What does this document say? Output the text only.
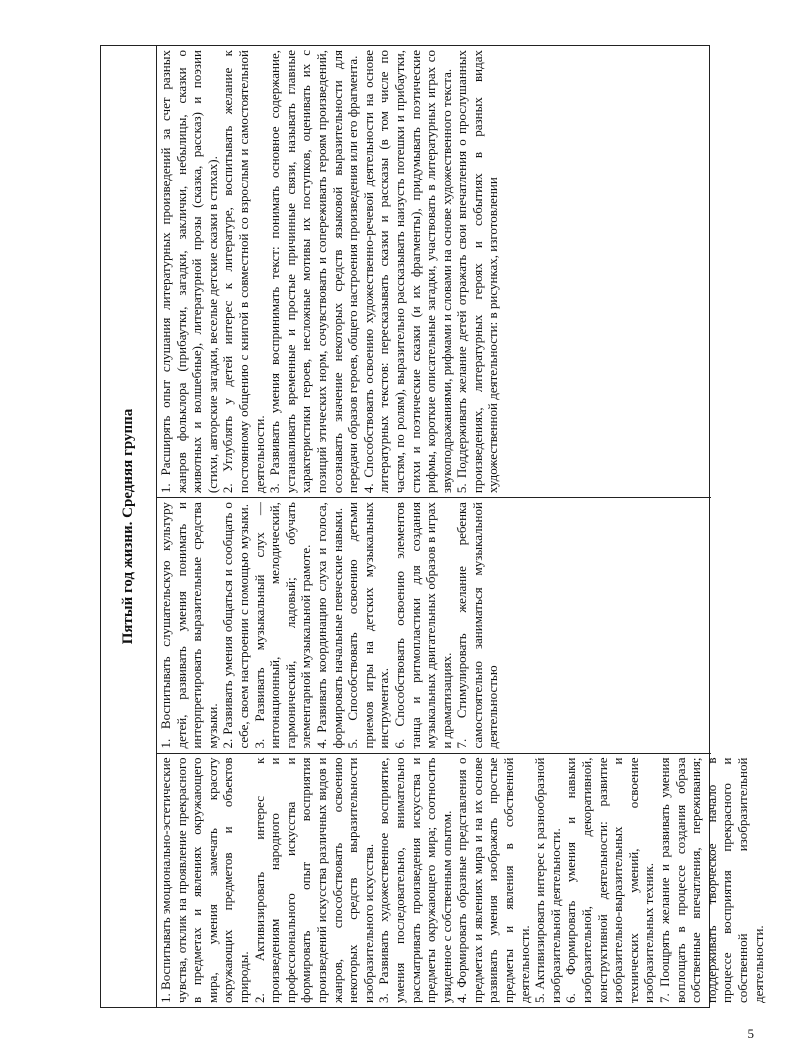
Пятый год жизни. Средняя группа
1. Воспитывать эмоционально-эстетические чувства, отклик на проявление прекрасного в предметах и явлениях окружающего мира, умения замечать красоту окружающих предметов и объектов природы. 2. Активизировать интерес к произведениям народного и профессионального искусства и формировать опыт восприятия произведений искусства различных видов и жанров, способствовать освоению некоторых средств выразительности изобразительного искусства. 3. Развивать художественное восприятие, умения последовательно, внимательно рассматривать произведения искусства и предметы окружающего мира; соотносить увиденное с собственным опытом. 4. Формировать образные представления о предметах и явлениях мира и на их основе развивать умения изображать простые предметы и явления в собственной деятельности. 5. Активизировать интерес к разнообразной изобразительной деятельности. 6. Формировать умения и навыки изобразительной, декоративной, конструктивной деятельности: развитие изобразительно-выразительных и технических умений, освоение изобразительных техник. 7. Поощрять желание и развивать умения воплощать в процессе создания образа собственные впечатления, переживания; поддерживать творческое начало в процессе восприятия прекрасного и собственной изобразительной деятельности.
1. Воспитывать слушательскую культуру детей, развивать умения понимать и интерпретировать выразительные средства музыки. 2. Развивать умения общаться и сообщать о себе, своем настроении с помощью музыки. 3. Развивать музыкальный слух — интонационный, мелодический, гармонический, ладовый; обучать элементарной музыкальной грамоте. 4. Развивать координацию слуха и голоса, формировать начальные певческие навыки. 5. Способствовать освоению детьми приемов игры на детских музыкальных инструментах. 6. Способствовать освоению элементов танца и ритмопластики для создания музыкальных двигательных образов в играх и драматизациях. 7. Стимулировать желание ребенка самостоятельно заниматься музыкальной деятельностью
1. Расширять опыт слушания литературных произведений за счет разных жанров фольклора (прибаутки, загадки, заклички, небылицы, сказки о животных и волшебные), литературной прозы (сказка, рассказ) и поэзии (стихи, авторские загадки, веселые детские сказки в стихах). 2. Углублять у детей интерес к литературе, воспитывать желание к постоянному общению с книгой в совместной со взрослым и самостоятельной деятельности. 3. Развивать умения воспринимать текст: понимать основное содержание, устанавливать временные и простые причинные связи, называть главные характеристики героев, несложные мотивы их поступков, оценивать их с позиций этических норм, сочувствовать и сопереживать героям произведений, осознавать значение некоторых средств языковой выразительности для передачи образов героев, общего настроения произведения или его фрагмента. 4. Способствовать освоению художественно-речевой деятельности на основе литературных текстов: пересказывать сказки и рассказы (в том числе по частям, по ролям), выразительно рассказывать наизусть потешки и прибаутки, стихи и поэтические сказки (и их фрагменты), придумывать поэтические рифмы, короткие описательные загадки, участвовать в литературных играх со звукоподражаниями, рифмами и словами на основе художественного текста. 5. Поддерживать желание детей отражать свои впечатления о прослушанных произведениях, литературных героях и событиях в разных видах художественной деятельности: в рисунках, изготовлении
5
